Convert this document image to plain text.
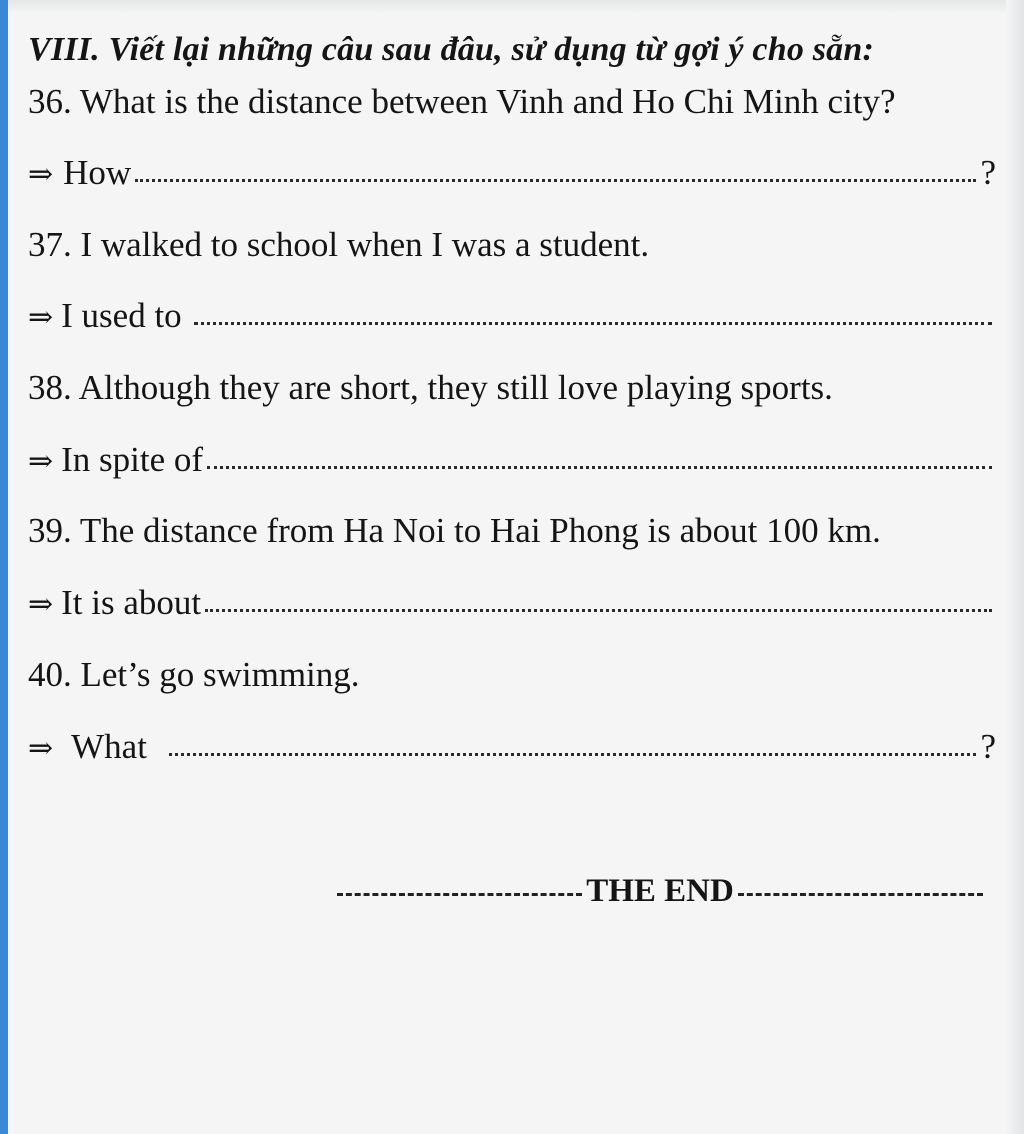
VIII. Viết lại những câu sau đâu, sử dụng từ gợi ý cho sẵn:
36. What is the distance between Vinh and Ho Chi Minh city?
⇒ How	?
37. I walked to school when I was a student.
⇒ I used to
38. Although they are short, they still love playing sports.
⇒ In spite of
39. The distance from Ha Noi to Hai Phong is about 100 km.
⇒ It is about
40. Let’s go swimming.
⇒ What	?
THE END
